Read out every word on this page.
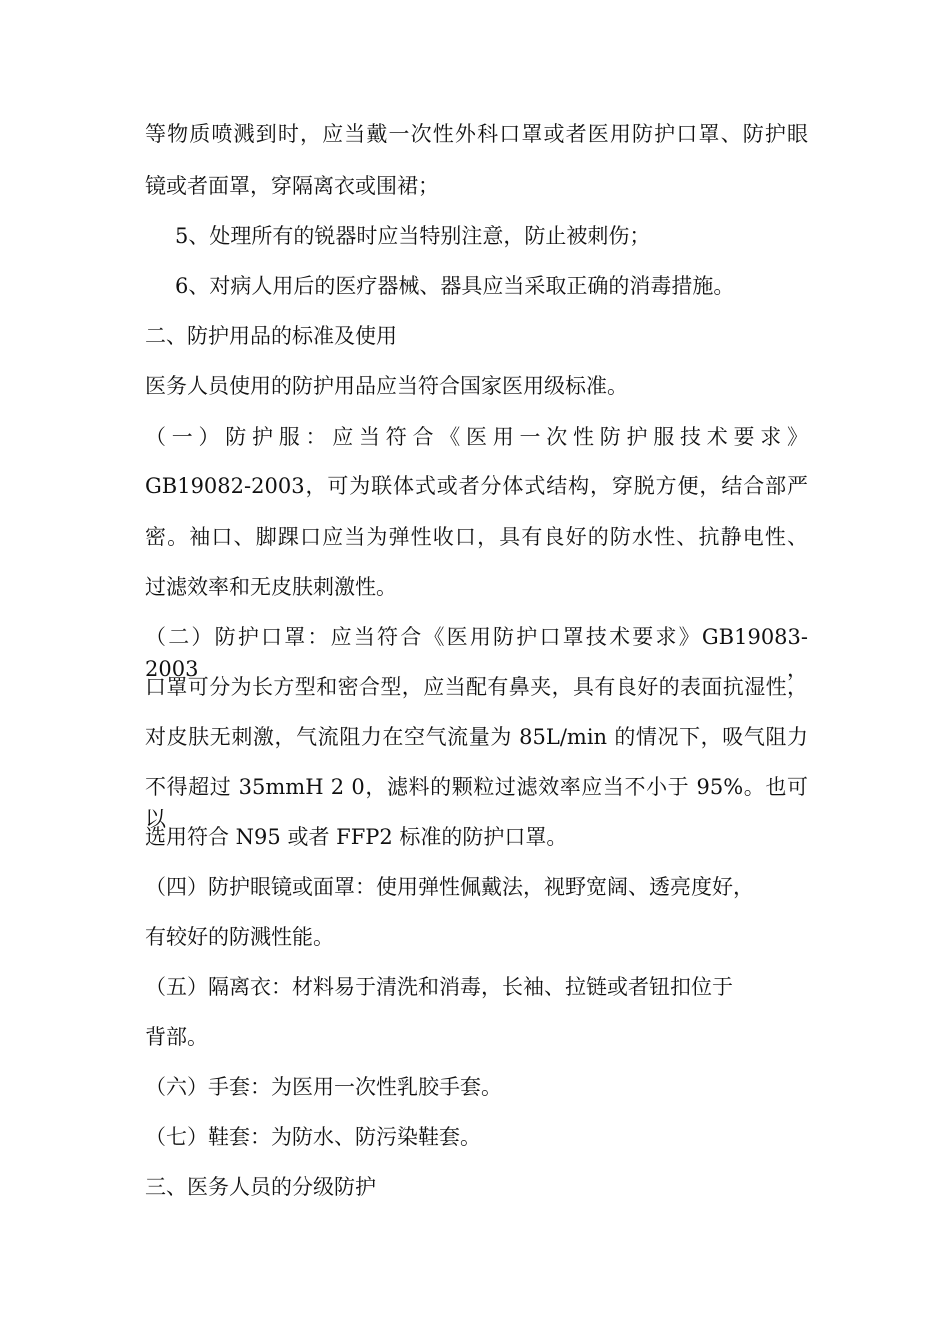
等物质喷溅到时，应当戴一次性外科口罩或者医用防护口罩、防护眼
镜或者面罩，穿隔离衣或围裙；
5、处理所有的锐器时应当特别注意，防止被刺伤；
6、对病人用后的医疗器械、器具应当采取正确的消毒措施。
二、防护用品的标准及使用
医务人员使用的防护用品应当符合国家医用级标准。
（一）防护服：应当符合《医用一次性防护服技术要求》
GB19082-2003，可为联体式或者分体式结构，穿脱方便，结合部严
密。袖口、脚踝口应当为弹性收口，具有良好的防水性、抗静电性、
过滤效率和无皮肤刺激性。
（二）防护口罩：应当符合《医用防护口罩技术要求》GB19083-2003，
口罩可分为长方型和密合型，应当配有鼻夹，具有良好的表面抗湿性，
对皮肤无刺激，气流阻力在空气流量为 85L/min 的情况下，吸气阻力
不得超过 35mmH 2 0，滤料的颗粒过滤效率应当不小于 95%。也可以
选用符合 N95 或者 FFP2 标准的防护口罩。
（四）防护眼镜或面罩：使用弹性佩戴法，视野宽阔、透亮度好，
有较好的防溅性能。
（五）隔离衣：材料易于清洗和消毒，长袖、拉链或者钮扣位于
背部。
（六）手套：为医用一次性乳胶手套。
（七）鞋套：为防水、防污染鞋套。
三、医务人员的分级防护
